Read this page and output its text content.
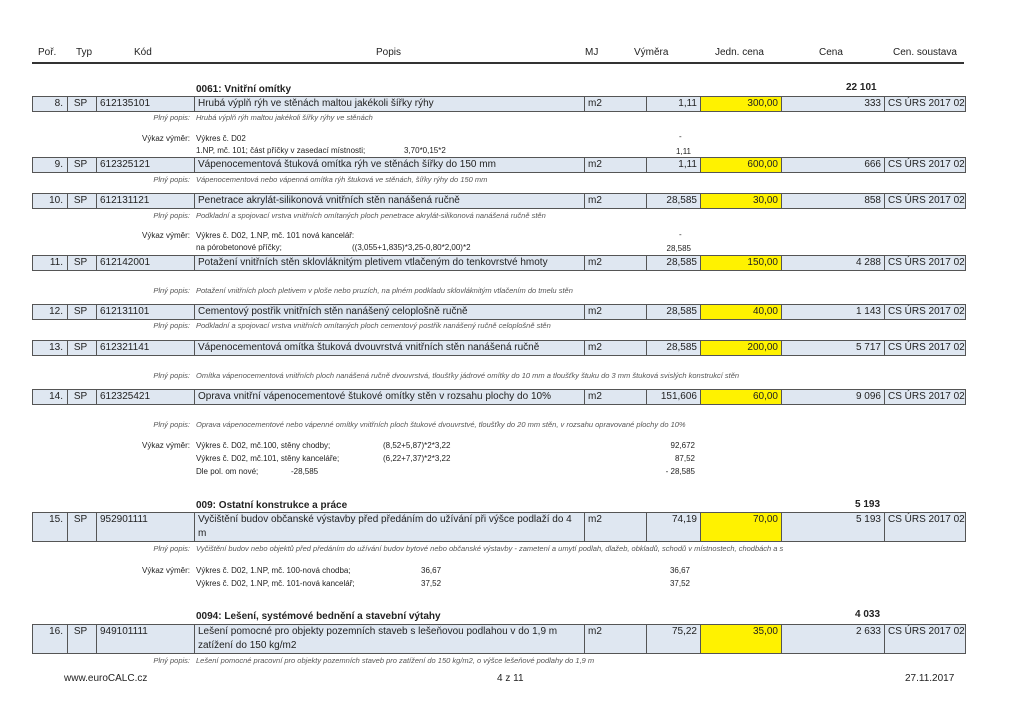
Poř. Typ	Kód	Popis	MJ	Výměra	Jedn. cena	Cena	Cen. soustava
0061: Vnitřní omítky	22 101
8.	SP	612135101	Hrubá výplň rýh ve stěnách maltou jakékoli šířky rýhy	m2	1,11	300,00	333 CS ÚRS 2017 02
Plný popis: Hrubá výplň rýh maltou jakékoli šířky rýhy ve stěnách
Výkaz výměr: Výkres č. D02	-
1.NP, mč. 101; část příčky v zasedací místnosti;	3,70*0,15*2	1,11
9.	SP	612325121	Vápenocementová štuková omítka rýh ve stěnách šířky do 150 mm	m2	1,11	600,00	666 CS ÚRS 2017 02
Plný popis: Vápenocementová nebo vápenná omítka rýh štuková ve stěnách, šířky rýhy do 150 mm
10.	SP	612131121	Penetrace akrylát-silikonová vnitřních stěn nanášená ručně	m2	28,585	30,00	858 CS ÚRS 2017 02
Plný popis: Podkladní a spojovací vrstva vnitřních omítaných ploch penetrace akrylát-silikonová nanášená ručně stěn
Výkaz výměr: Výkres č. D02, 1.NP, mč. 101 nová kancelář:	-
na pórobetonové příčky;	((3,055+1,835)*3,25-0,80*2,00)*2	28,585
11.	SP	612142001	Potažení vnitřních stěn sklovláknitým pletivem vtlačeným do tenkovrstvé hmoty	m2	28,585	150,00	4 288 CS ÚRS 2017 02
Plný popis: Potažení vnitřních ploch pletivem v ploše nebo pruzích, na plném podkladu sklovláknitým vtlačením do tmelu stěn
12.	SP	612131101	Cementový postřik vnitřních stěn nanášený celoplošně ručně	m2	28,585	40,00	1 143 CS ÚRS 2017 02
Plný popis: Podkladní a spojovací vrstva vnitřních omítaných ploch cementový postřik nanášený ručně celoplošně stěn
13.	SP	612321141	Vápenocementová omítka štuková dvouvrstvá vnitřních stěn nanášená ručně	m2	28,585	200,00	5 717 CS ÚRS 2017 02
Plný popis: Omítka vápenocementová vnitřních ploch nanášená ručně dvouvrstvá, tloušťky jádrové omítky do 10 mm a tloušťky štuku do 3 mm štuková svislých konstrukcí stěn
14.	SP	612325421	Oprava vnitřní vápenocementové štukové omítky stěn v rozsahu plochy do 10%	m2	151,606	60,00	9 096 CS ÚRS 2017 02
Plný popis: Oprava vápenocementové nebo vápenné omítky vnitřních ploch štukové dvouvrstvé, tloušťky do 20 mm stěn, v rozsahu opravované plochy do 10%
Výkaz výměr: Výkres č. D02, mč.100, stěny chodby;	(8,52+5,87)*2*3,22	92,672
Výkres č. D02, mč.101, stěny kanceláře;	(6,22+7,37)*2*3,22	87,52
Dle pol. om nové;	-28,585	- 28,585
009: Ostatní konstrukce a práce	5 193
15.	SP	952901111	Vyčištění budov občanské výstavby před předáním do užívání při výšce podlaží do 4
m
m2	74,19	70,00	5 193 CS ÚRS 2017 02
Plný popis: Vyčištění budov nebo objektů před předáním do užívání budov bytové nebo občanské výstavby - zametení a umytí podlah, dlažeb, obkladů, schodů v místnostech, chodbách a s
Výkaz výměr: Výkres č. D02, 1.NP, mč. 100-nová chodba;	36,67	36,67
Výkres č. D02, 1.NP, mč. 101-nová kancelář;	37,52	37,52
0094: Lešení, systémové bednění a stavební výtahy	4 033
16.	SP	949101111	Lešení pomocné pro objekty pozemních staveb s lešeňovou podlahou v do 1,9 m
zatížení do 150 kg/m2
m2	75,22	35,00	2 633 CS ÚRS 2017 02
Plný popis: Lešení pomocné pracovní pro objekty pozemních staveb pro zatížení do 150 kg/m2, o výšce lešeňové podlahy do 1,9 m
www.euroCALC.cz	4 z 11	27.11.2017
